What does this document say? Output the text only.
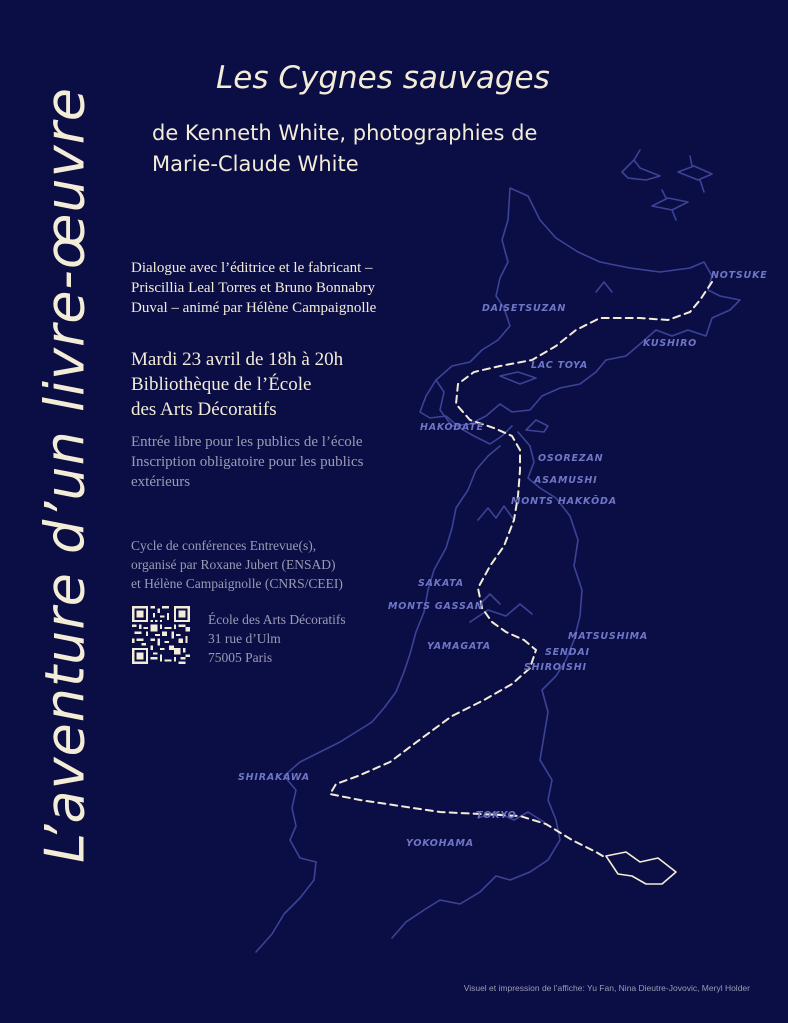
NOTSUKE
DAISETSUZAN
KUSHIRO
LAC TOYA
HAKODATE
OSOREZAN
ASAMUSHI
MONTS HAKKŌDA
SAKATA
MONTS GASSAN
MATSUSHIMA
YAMAGATA
SENDAI
SHIROISHI
SHIRAKAWA
TOKYO
YOKOHAMA
L’aventure d’un livre-œuvre
Les Cygnes sauvages
de Kenneth White, photographies de
Marie-Claude White
Dialogue avec l’éditrice et le fabricant –
Priscillia Leal Torres et Bruno Bonnabry
Duval – animé par Hélène Campaignolle
Mardi 23 avril de 18h à 20h
Bibliothèque de l’École
des Arts Décoratifs
Entrée libre pour les publics de l’école
Inscription obligatoire pour les publics
extérieurs
Cycle de conférences Entrevue(s),
organisé par Roxane Jubert (ENSAD)
et Hélène Campaignolle (CNRS/CEEI)
École des Arts Décoratifs
31 rue d’Ulm
75005 Paris
Visuel et impression de l’affiche: Yu Fan, Nina Dieutre-Jovovic, Meryl Holder
